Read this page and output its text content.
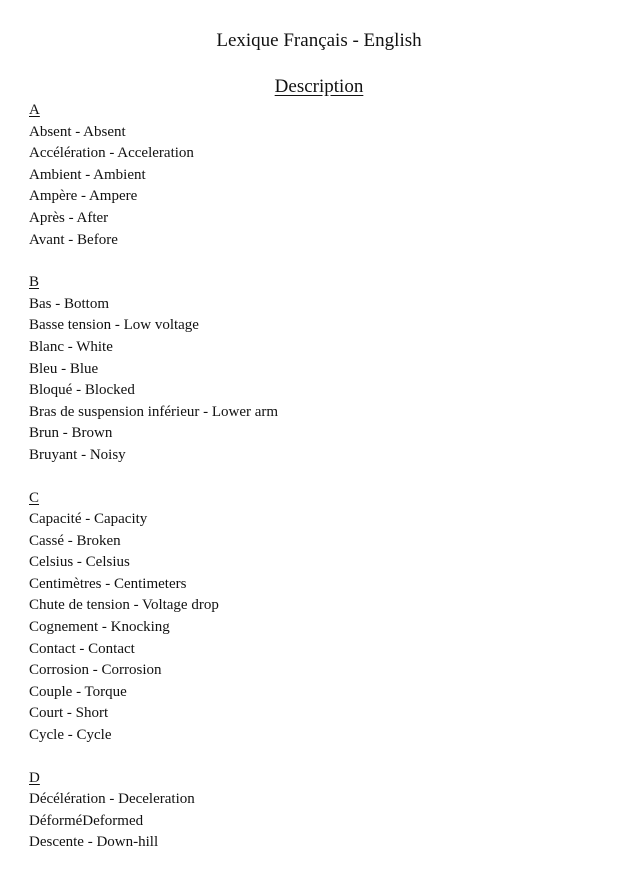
Lexique Français - English
Description
A
Absent - Absent
Accélération - Acceleration
Ambient - Ambient
Ampère - Ampere
Après - After
Avant - Before
B
Bas - Bottom
Basse tension - Low voltage
Blanc - White
Bleu - Blue
Bloqué - Blocked
Bras de suspension inférieur - Lower arm
Brun - Brown
Bruyant - Noisy
C
Capacité - Capacity
Cassé - Broken
Celsius - Celsius
Centimètres - Centimeters
Chute de tension - Voltage drop
Cognement - Knocking
Contact - Contact
Corrosion - Corrosion
Couple - Torque
Court - Short
Cycle - Cycle
D
Décélération - Deceleration
DéforméDeformed
Descente - Down-hill
